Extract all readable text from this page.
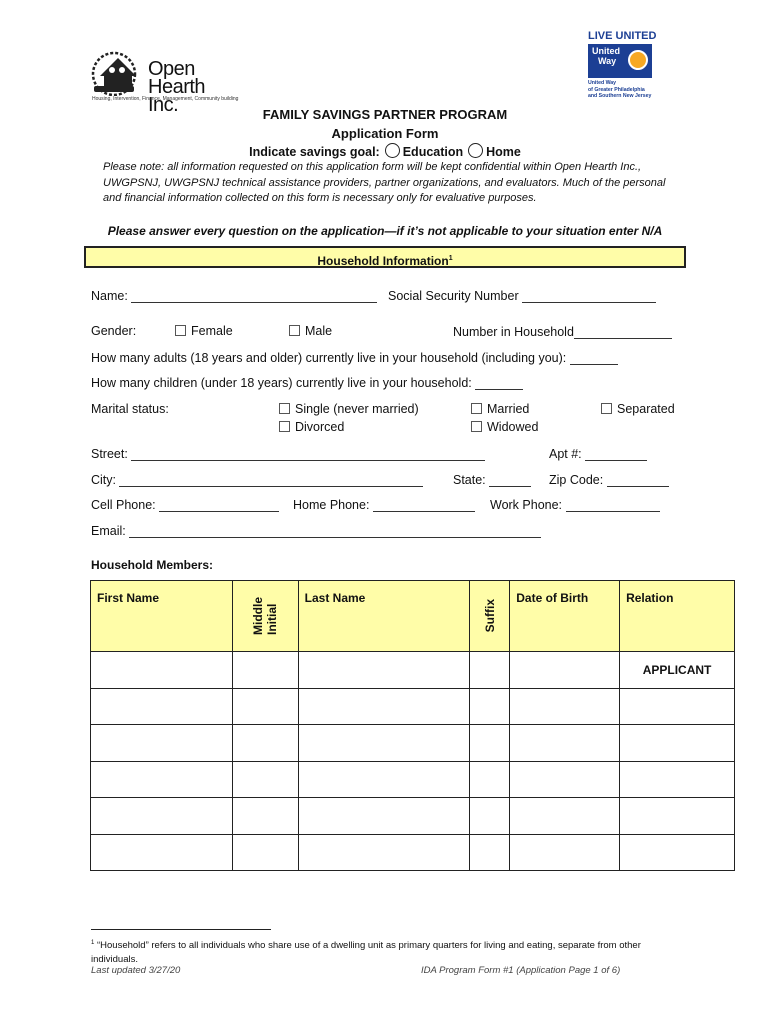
Open
Hearth Inc.
Housing, Intervention, Finance, Management, Community building
LIVE UNITED
United
Way
United Way
of Greater Philadelphia
and Southern New Jersey
FAMILY SAVINGS PARTNER PROGRAM
Application Form
Indicate savings goal: Education Home
Please note: all information requested on this application form will be kept confidential within Open Hearth Inc., UWGPSNJ, UWGPSNJ technical assistance providers, partner organizations, and evaluators. Much of the personal and financial information collected on this form is necessary only for evaluative purposes.
Please answer every question on the application—if it’s not applicable to your situation enter N/A
Household Information$^1$
Name:	Social Security Number
Gender:	Female	Male	Number in Household
How many adults (18 years and older) currently live in your household (including you):
How many children (under 18 years) currently live in your household:
Marital status:	Single (never married)	Married	Separated
Divorced	Widowed
Street:	Apt #:
City:	State:	Zip Code:
Cell Phone:	Home Phone:	Work Phone:
Email:
Household Members:
First Name	Middle Initial	Last Name	Suffix	Date of Birth	Relation
					APPLICANT

$^1$ “Household” refers to all individuals who share use of a dwelling unit as primary quarters for living and eating, separate from other individuals.
Last updated 3/27/20	IDA Program Form #1 (Application Page 1 of 6)
